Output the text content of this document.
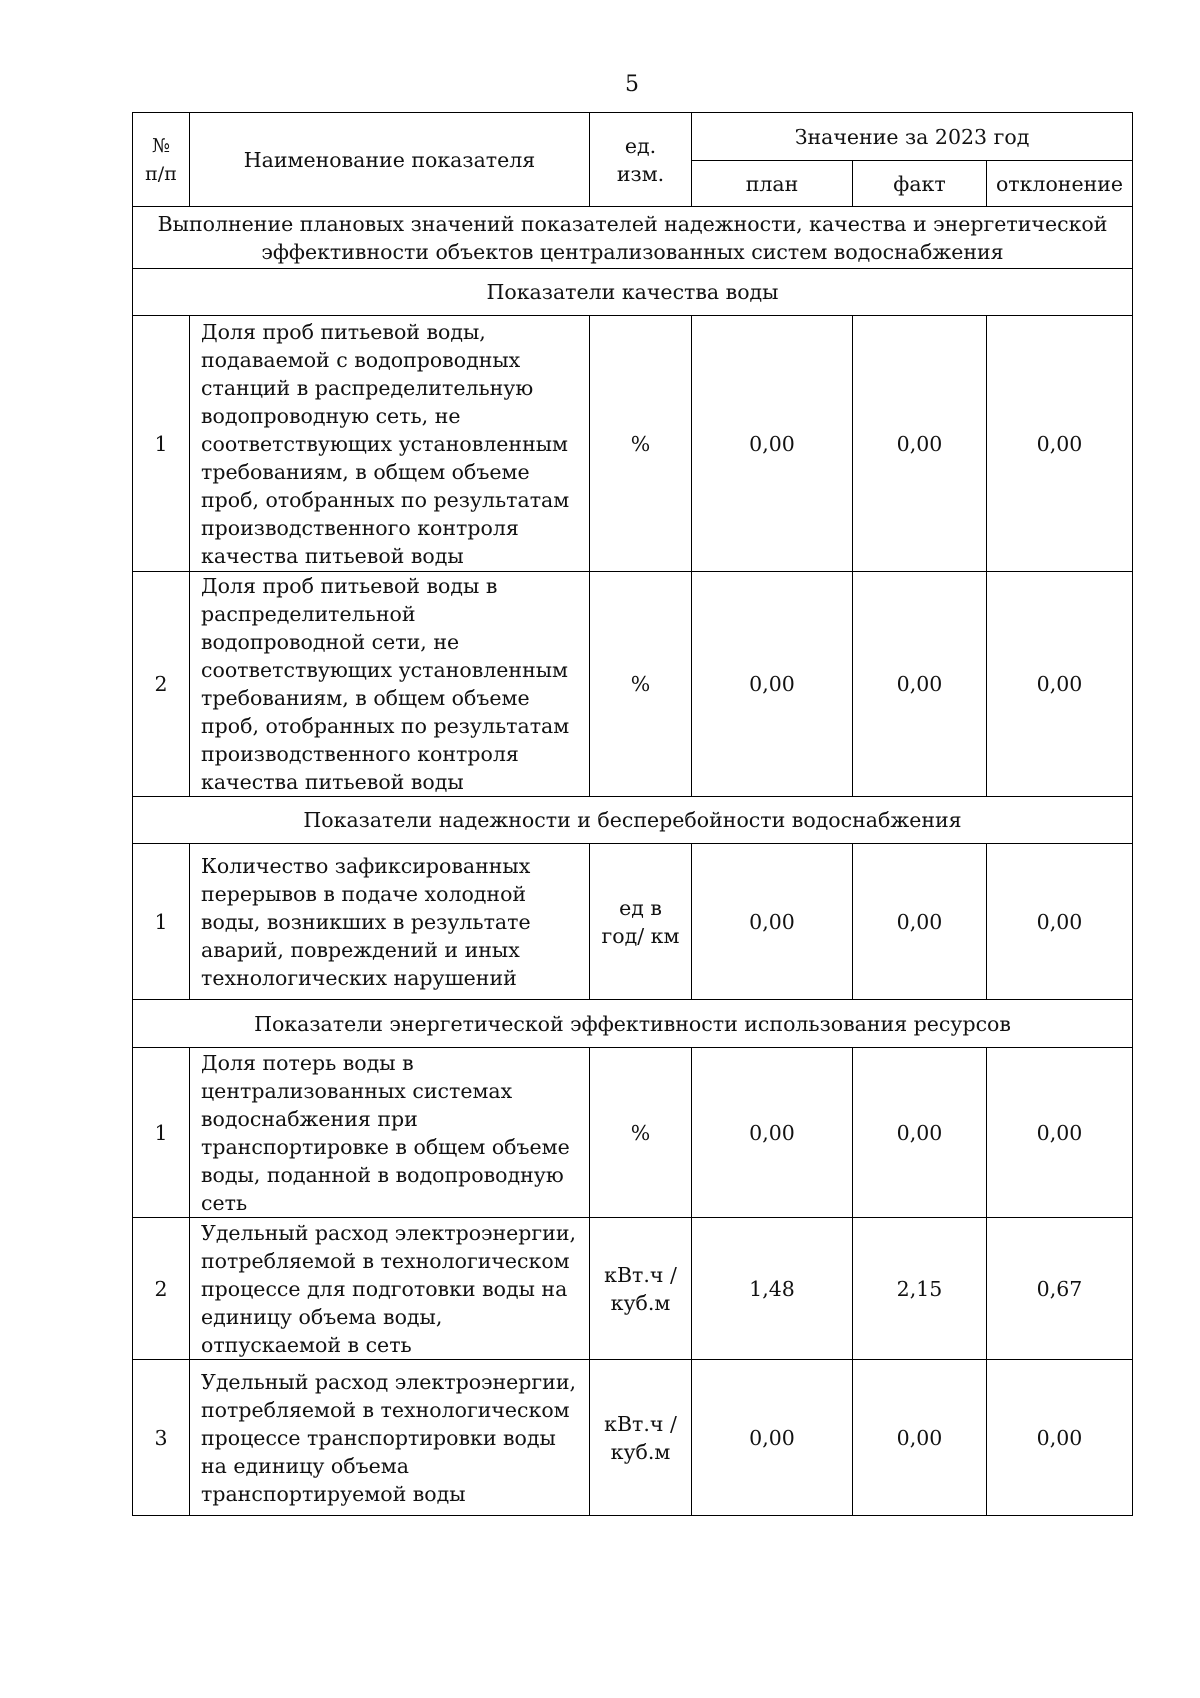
5
№ п/п	Наименование показателя	ед. изм.	Значение за 2023 год		
			план	факт	отклонение
Выполнение плановых значений показателей надежности, качества и энергетической эффективности объектов централизованных систем водоснабжения					
Показатели качества воды					
1	Доля проб питьевой воды, подаваемой с водопроводных станций в распределительную водопроводную сеть, не соответствующих установленным требованиям, в общем объеме проб, отобранных по результатам производственного контроля качества питьевой воды	%	0,00	0,00	0,00
2	Доля проб питьевой воды в распределительной водопроводной сети, не соответствующих установленным требованиям, в общем объеме проб, отобранных по результатам производственного контроля качества питьевой воды	%	0,00	0,00	0,00
Показатели надежности и бесперебойности водоснабжения					
1	Количество зафиксированных перерывов в подаче холодной воды, возникших в результате аварий, повреждений и иных технологических нарушений	ед в год/ км	0,00	0,00	0,00
Показатели энергетической эффективности использования ресурсов					
1	Доля потерь воды в централизованных системах водоснабжения при транспортировке в общем объеме воды, поданной в водопроводную сеть	%	0,00	0,00	0,00
2	Удельный расход электроэнергии, потребляемой в технологическом процессе для подготовки воды на единицу объема воды, отпускаемой в сеть	кВт.ч / куб.м	1,48	2,15	0,67
3	Удельный расход электроэнергии, потребляемой в технологическом процессе транспортировки воды на единицу объема транспортируемой воды	кВт.ч / куб.м	0,00	0,00	0,00
